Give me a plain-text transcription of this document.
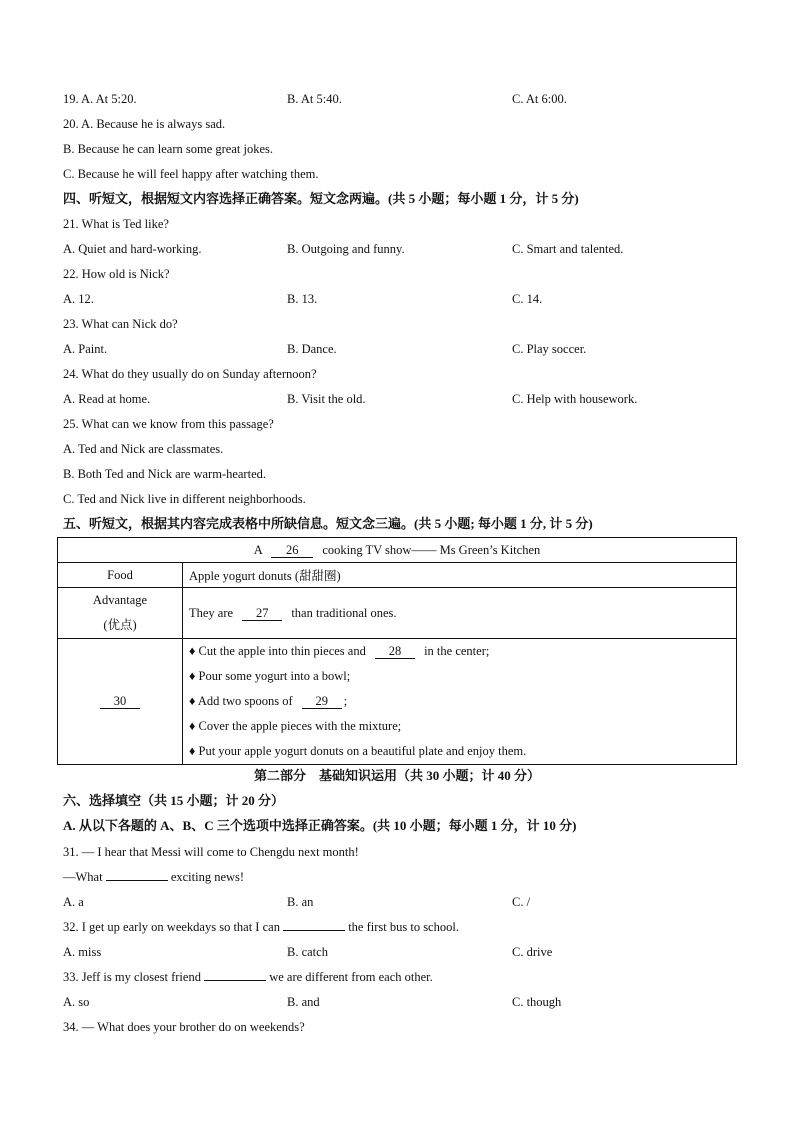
19. A. At 5:20.	B. At 5:40.	C. At 6:00.
20. A. Because he is always sad.
B. Because he can learn some great jokes.
C. Because he will feel happy after watching them.
四、听短文，根据短文内容选择正确答案。短文念两遍。(共 5 小题；每小题 1 分，计 5 分)
21. What is Ted like?
A. Quiet and hard-working.	B. Outgoing and funny.	C. Smart and talented.
22. How old is Nick?
A. 12.	B. 13.	C. 14.
23. What can Nick do?
A. Paint.	B. Dance.	C. Play soccer.
24. What do they usually do on Sunday afternoon?
A. Read at home.	B. Visit the old.	C. Help with housework.
25. What can we know from this passage?
A. Ted and Nick are classmates.
B. Both Ted and Nick are warm-hearted.
C. Ted and Nick live in different neighborhoods.
五、听短文，根据其内容完成表格中所缺信息。短文念三遍。(共 5 小题; 每小题 1 分, 计 5 分)
A 26 cooking TV show—— Ms Green’s Kitchen	
Food	Apple yogurt donuts (甜甜圈)

Advantage
(优点)	They are 27 than traditional ones.
30	♦ Cut the apple into thin pieces and 28 in the center;
♦ Pour some yogurt into a bowl;
♦ Add two spoons of 29 ;
♦ Cover the apple pieces with the mixture;
♦ Put your apple yogurt donuts on a beautiful plate and enjoy them.
第二部分　基础知识运用（共 30 小题；计 40 分）
六、选择填空（共 15 小题；计 20 分）
A. 从以下各题的 A、B、C 三个选项中选择正确答案。(共 10 小题；每小题 1 分，计 10 分)
31. — I hear that Messi will come to Chengdu next month!
—What	exciting news!
A. a	B. an	C. /
32. I get up early on weekdays so that I can	the first bus to school.
A. miss	B. catch	C. drive
33. Jeff is my closest friend	we are different from each other.
A. so	B. and	C. though
34. — What does your brother do on weekends?
